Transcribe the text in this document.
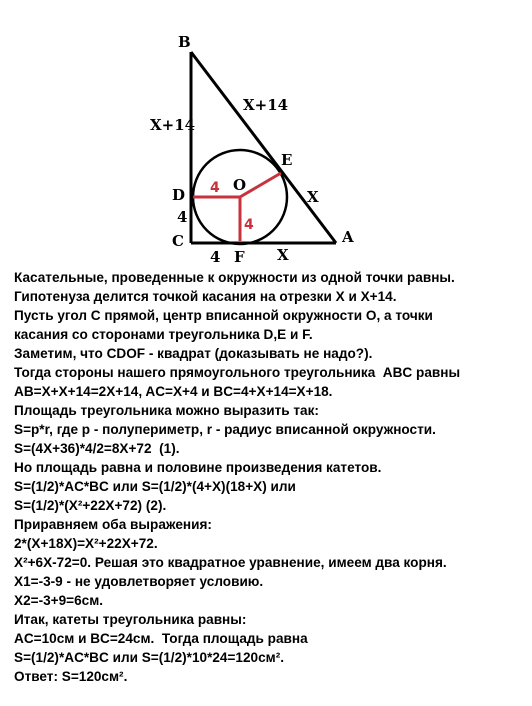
B
C	A
D
E
F
O
X+14
X+14
X
4
4	X
4
4
Касательные, проведенные к окружности из одной точки равны.
Гипотенуза делится точкой касания на отрезки X и X+14.
Пусть угол C прямой, центр вписанной окружности O, а точки
касания со сторонами треугольника D,E и F.
Заметим, что CDOF - квадрат (доказывать не надо?).
Тогда стороны нашего прямоугольного треугольника  ABC равны
AB=X+X+14=2X+14, AC=X+4 и BC=4+X+14=X+18.
Площадь треугольника можно выразить так:
S=p*r, где p - полупериметр, r - радиус вписанной окружности.
S=(4X+36)*4/2=8X+72  (1).
Но площадь равна и половине произведения катетов.
S=(1/2)*AC*BC или S=(1/2)*(4+X)(18+X) или
S=(1/2)*(X²+22X+72) (2).
Приравняем оба выражения:
2*(X+18X)=X²+22X+72.
X²+6X-72=0. Решая это квадратное уравнение, имеем два корня.
X1=-3-9 - не удовлетворяет условию.
X2=-3+9=6см.
Итак, катеты треугольника равны:
AC=10см и BC=24см.  Тогда площадь равна
S=(1/2)*AC*BC или S=(1/2)*10*24=120см².
Ответ: S=120см².
